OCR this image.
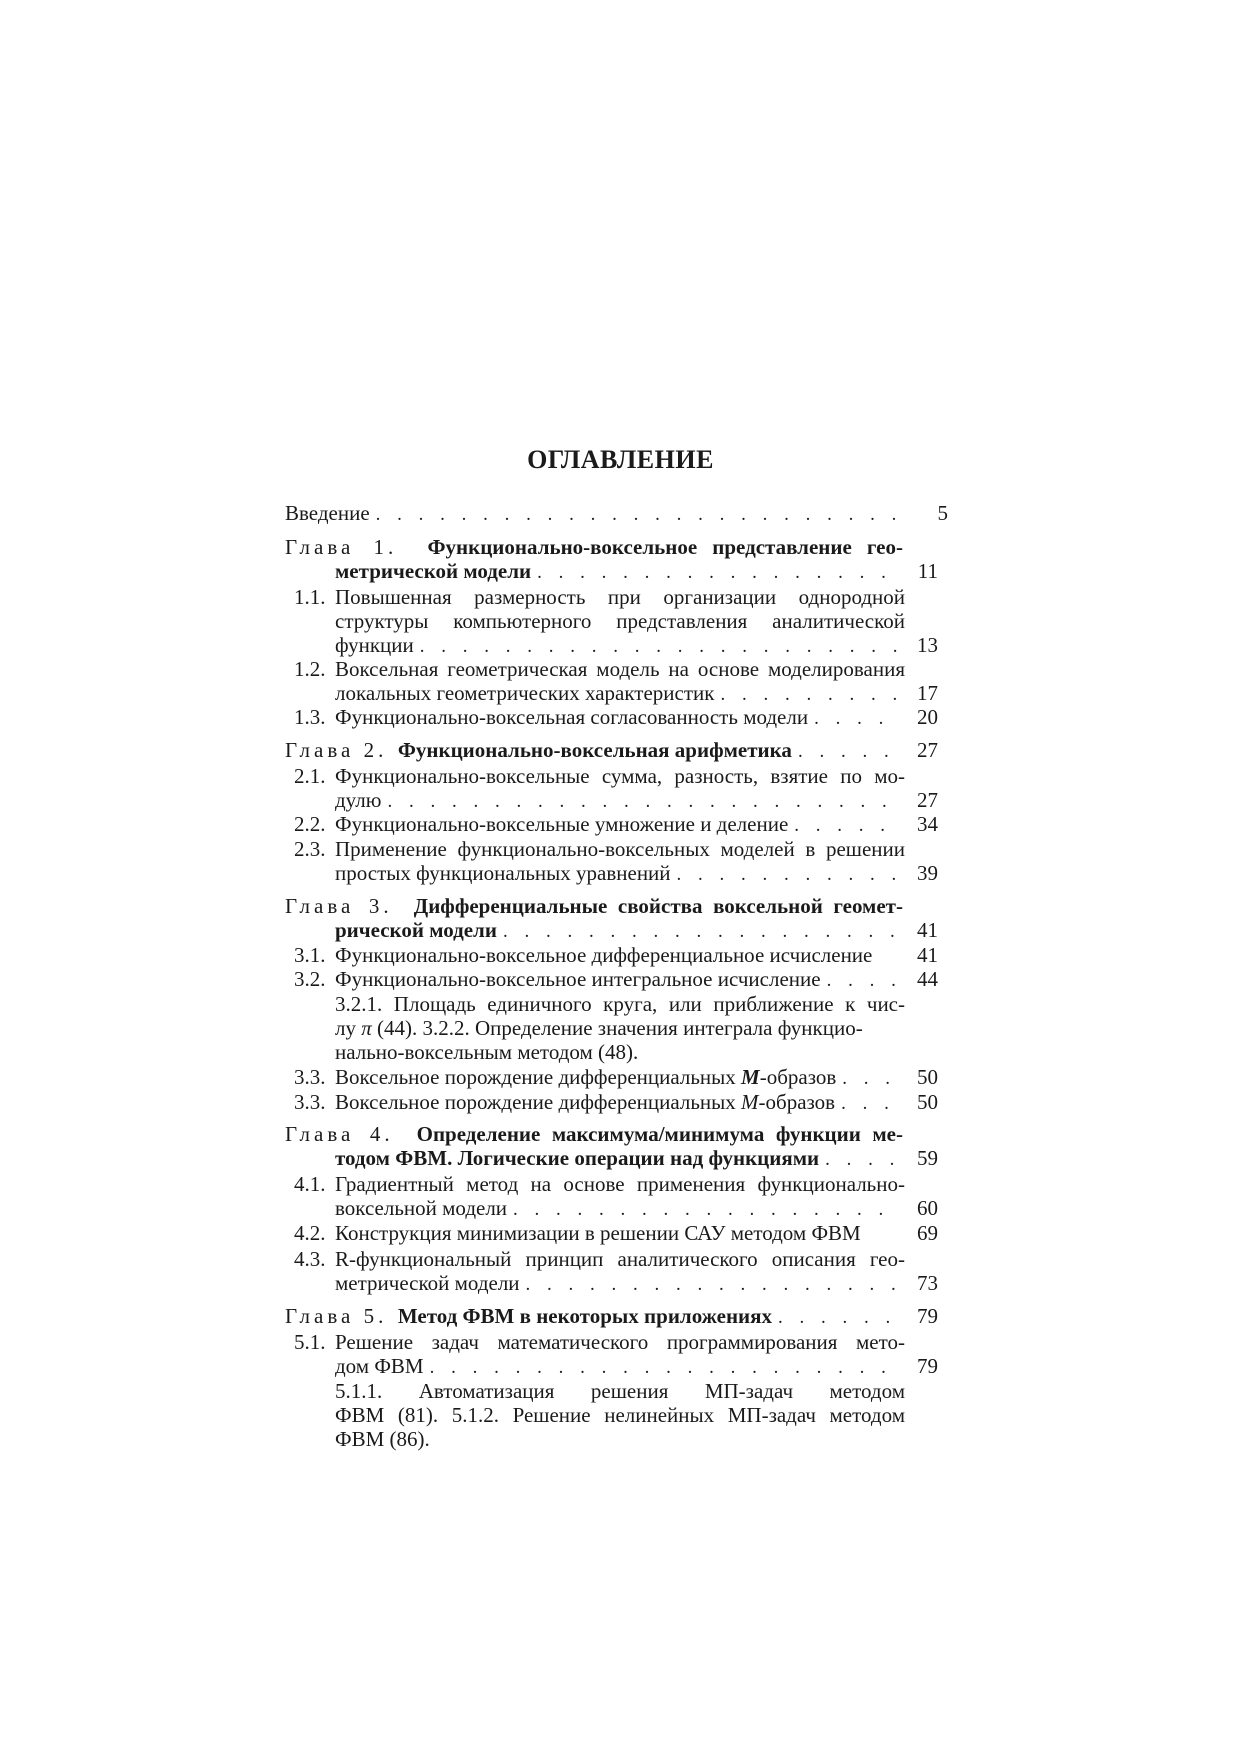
ОГЛАВЛЕНИЕ
Введение . . .	5
Глава 1. Функционально-воксельное представление гео-
метрической модели . . .	11
1.1. Повышенная размерность при организации однородной
структуры компьютерного представления аналитической
функции . . .	13
1.2. Воксельная геометрическая модель на основе моделирования
локальных геометрических характеристик . . .	17
1.3. Функционально-воксельная согласованность модели . . .	20
Глава 2. Функционально-воксельная арифметика . . .	27
2.1. Функционально-воксельные сумма, разность, взятие по мо-
дулю . . .	27
2.2. Функционально-воксельные умножение и деление . . .	34
2.3. Применение функционально-воксельных моделей в решении
простых функциональных уравнений . . .	39
Глава 3. Дифференциальные свойства воксельной геомет-
рической модели . . .	41
3.1. Функционально-воксельное дифференциальное исчисление	41
3.2. Функционально-воксельное интегральное исчисление . . .	44
3.2.1. Площадь единичного круга, или приближение к чис-
лу π (44). 3.2.2. Определение значения интеграла функцио-
нально-воксельным методом (48).
3.3. Воксельное порождение дифференциальных M-образов . . .	50
3.3. Воксельное порождение дифференциальных M-образов . . .	50
Глава 4. Определение максимума/минимума функции ме-
тодом ФВМ. Логические операции над функциями . . .	59
4.1. Градиентный метод на основе применения функционально-
воксельной модели . . .	60
4.2. Конструкция минимизации в решении САУ методом ФВМ	69
4.3. R-функциональный принцип аналитического описания гео-
метрической модели . . .	73
Глава 5. Метод ФВМ в некоторых приложениях . . .	79
5.1. Решение задач математического программирования мето-
дом ФВМ . . .	79
5.1.1. Автоматизация решения МП-задач методом
ФВМ (81). 5.1.2. Решение нелинейных МП-задач методом
ФВМ (86).
